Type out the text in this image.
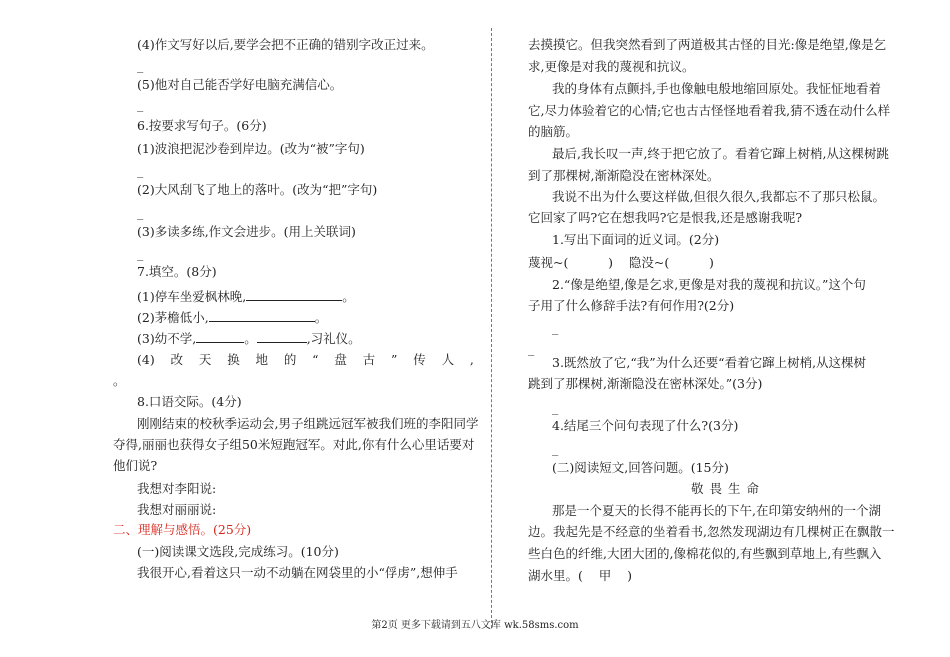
(4)作文写好以后,要学会把不正确的错别字改正过来。
_
(5)他对自己能否学好电脑充满信心。
_
6.按要求写句子。(6分)
(1)波浪把泥沙卷到岸边。(改为“被”字句)
_
(2)大风刮飞了地上的落叶。(改为“把”字句)
_
(3)多读多练,作文会进步。(用上关联词)
_
7.填空。(8分)
(1)停车坐爱枫林晚,	。
(2)茅檐低小,	。
(3)幼不学,	。	,习礼仪。
(4) 改 天 换 地 的 “ 盘 古 ” 传 人 ,
。
8.口语交际。(4分)
刚刚结束的校秋季运动会,男子组跳远冠军被我们班的李阳同学
夺得,丽丽也获得女子组50米短跑冠军。对此,你有什么心里话要对
他们说?
我想对李阳说:
我想对丽丽说:
二、理解与感悟。(25分)
(一)阅读课文选段,完成练习。(10分)
我很开心,看着这只一动不动躺在网袋里的小“俘虏”,想伸手
去摸摸它。但我突然看到了两道极其古怪的目光:像是绝望,像是乞
求,更像是对我的蔑视和抗议。
我的身体有点颤抖,手也像触电般地缩回原处。我怔怔地看着
它,尽力体验着它的心情;它也古古怪怪地看着我,猜不透在动什么样
的脑筋。
最后,我长叹一声,终于把它放了。看着它蹿上树梢,从这棵树跳
到了那棵树,渐渐隐没在密林深处。
我说不出为什么要这样做,但很久很久,我都忘不了那只松鼠。
它回家了吗?它在想我吗?它是恨我,还是感谢我呢?
1.写出下面词的近义词。(2分)
蔑视~(          )    隐没~(          )
2.“像是绝望,像是乞求,更像是对我的蔑视和抗议。”这个句
子用了什么修辞手法?有何作用?(2分)
_
_
3.既然放了它,“我”为什么还要“看着它蹿上树梢,从这棵树
跳到了那棵树,渐渐隐没在密林深处。”(3分)
_
4.结尾三个问句表现了什么?(3分)
_
(二)阅读短文,回答问题。(15分)
敬畏生命
那是一个夏天的长得不能再长的下午,在印第安纳州的一个湖
边。我起先是不经意的坐着看书,忽然发现湖边有几棵树正在飘散一
些白色的纤维,大团大团的,像棉花似的,有些飘到草地上,有些飘入
湖水里。(    甲    )
第2页 更多下载请到五八文库 wk.58sms.com
